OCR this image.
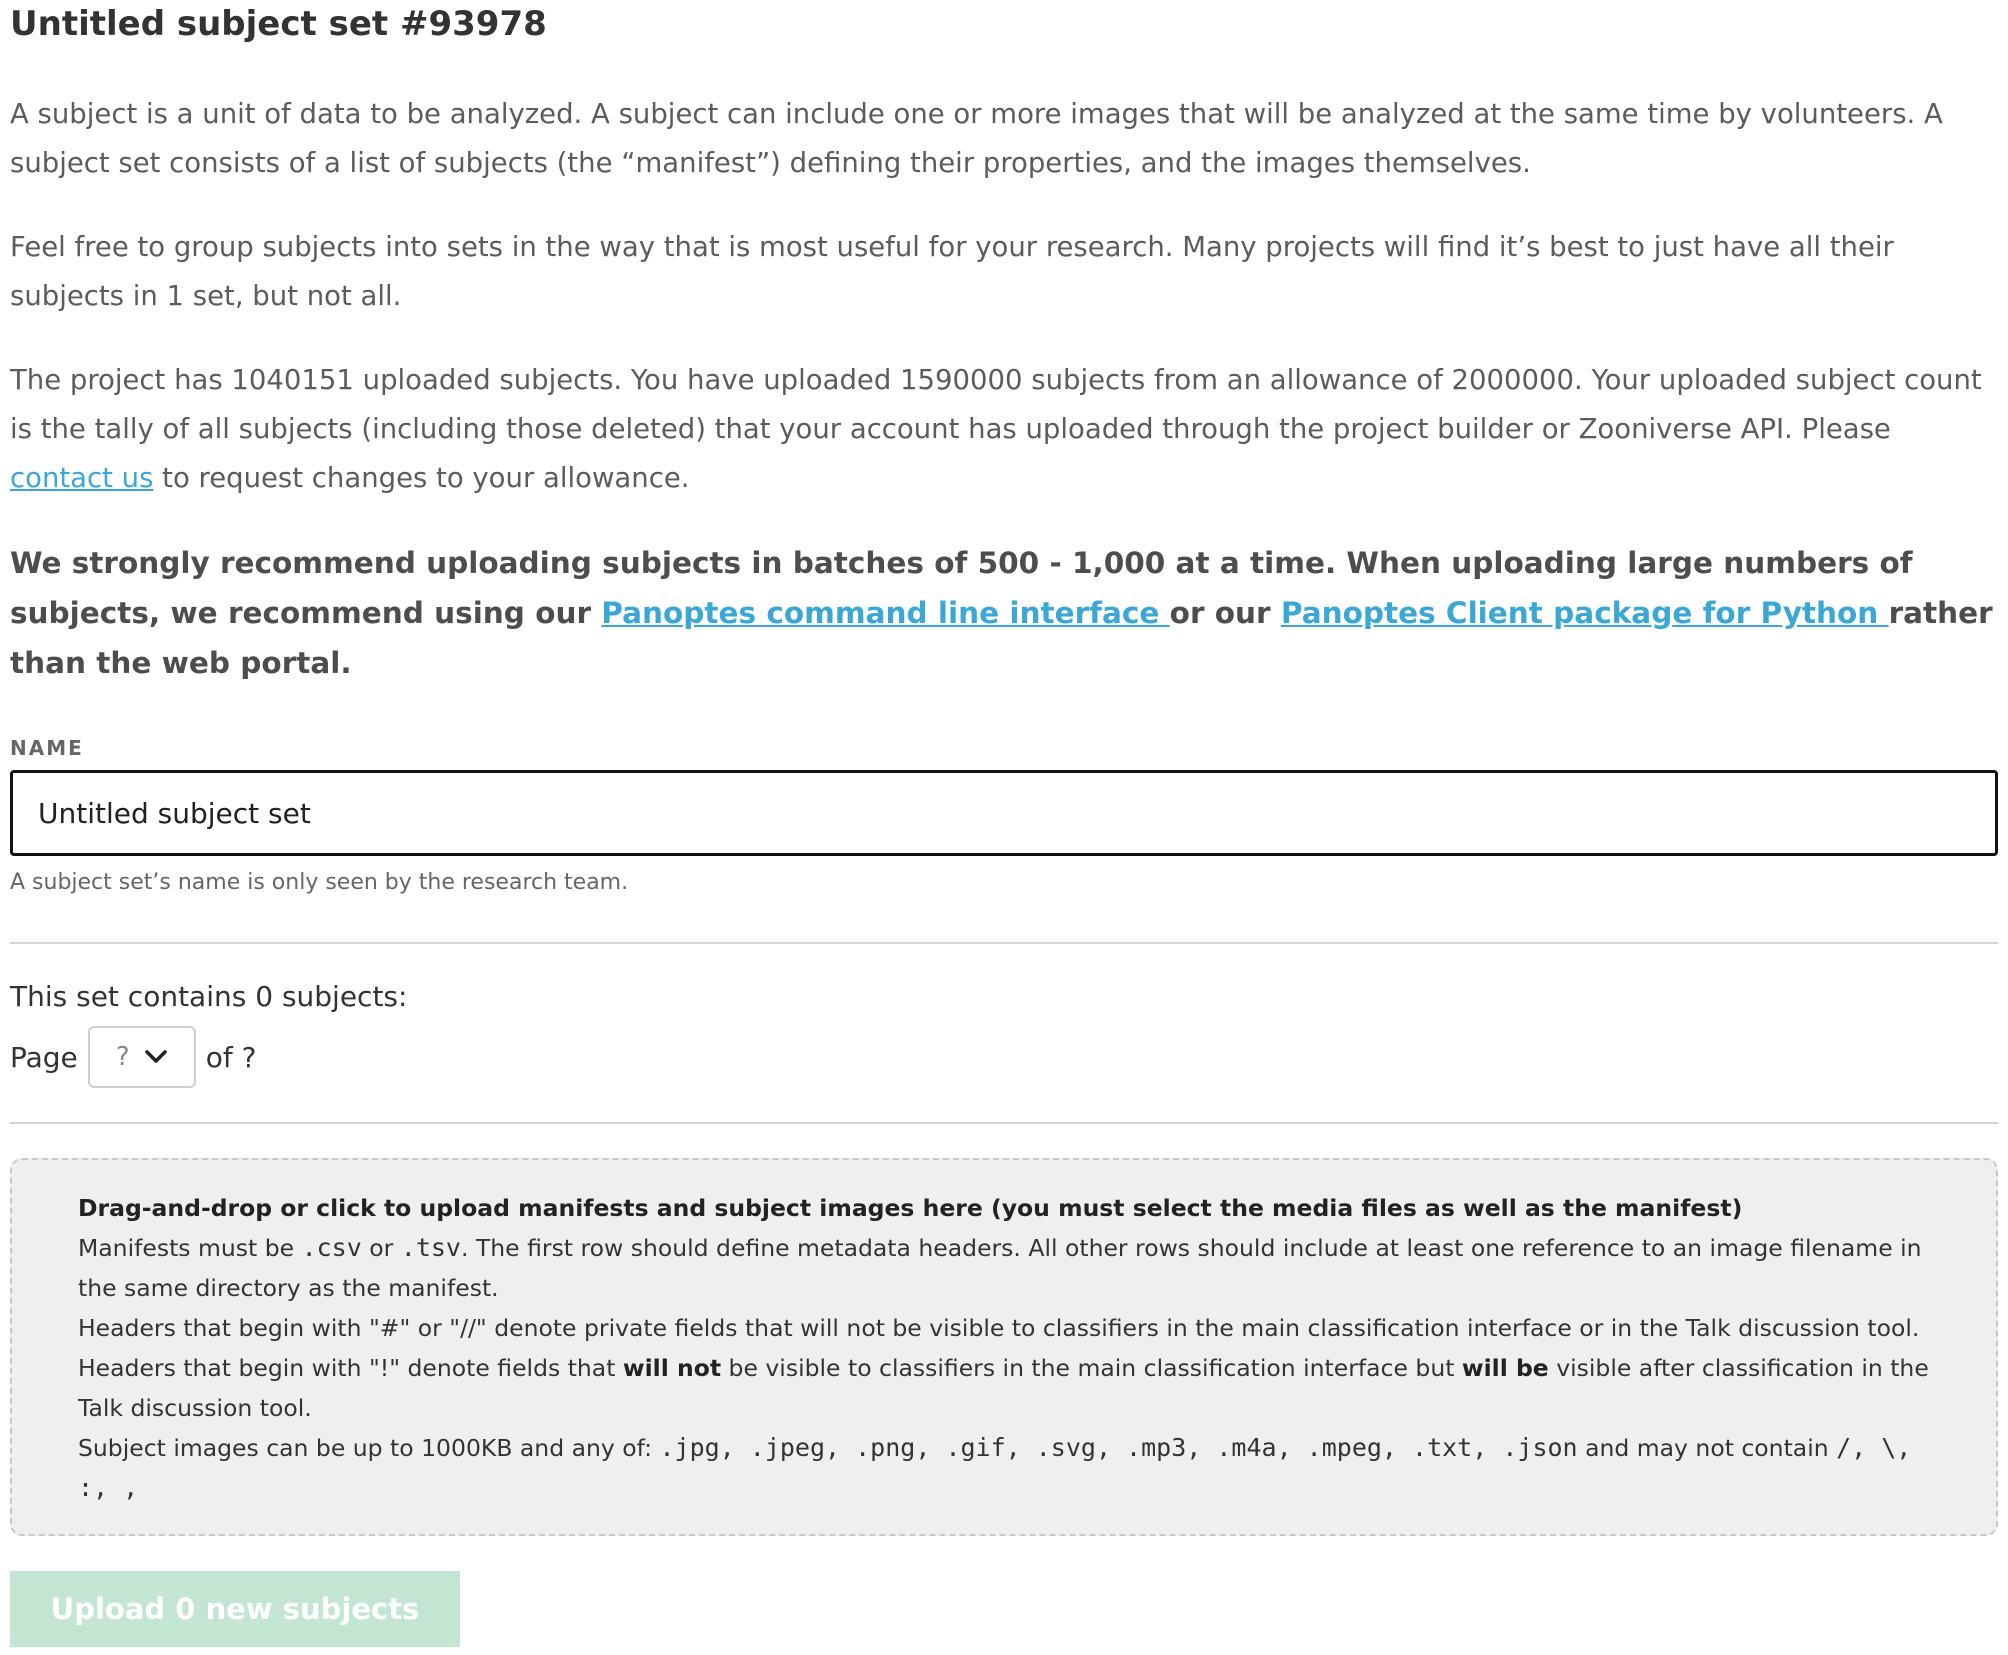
Untitled subject set #93978

A subject is a unit of data to be analyzed. A subject can include one or more images that will be analyzed at the same time by volunteers. A subject set consists of a list of subjects (the “manifest”) defining their properties, and the images themselves.

Feel free to group subjects into sets in the way that is most useful for your research. Many projects will find it’s best to just have all their subjects in 1 set, but not all.

The project has 1040151 uploaded subjects. You have uploaded 1590000 subjects from an allowance of 2000000. Your uploaded subject count is the tally of all subjects (including those deleted) that your account has uploaded through the project builder or Zooniverse API. Please contact us to request changes to your allowance.

We strongly recommend uploading subjects in batches of 500 - 1,000 at a time. When uploading large numbers of subjects, we recommend using our Panoptes command line interface or our Panoptes Client package for Python rather than the web portal.

NAME
Untitled subject set
A subject set’s name is only seen by the research team.
This set contains 0 subjects:
Page ?	of ?
Drag-and-drop or click to upload manifests and subject images here (you must select the media files as well as the manifest)
Manifests must be .csv or .tsv. The first row should define metadata headers. All other rows should include at least one reference to an image filename in the same directory as the manifest.
Headers that begin with "#" or "//" denote private fields that will not be visible to classifiers in the main classification interface or in the Talk discussion tool.
Headers that begin with "!" denote fields that will not be visible to classifiers in the main classification interface but will be visible after classification in the Talk discussion tool.
Subject images can be up to 1000KB and any of: .jpg, .jpeg, .png, .gif, .svg, .mp3, .m4a, .mpeg, .txt, .json and may not contain /, \, :, ,
Upload 0 new subjects
